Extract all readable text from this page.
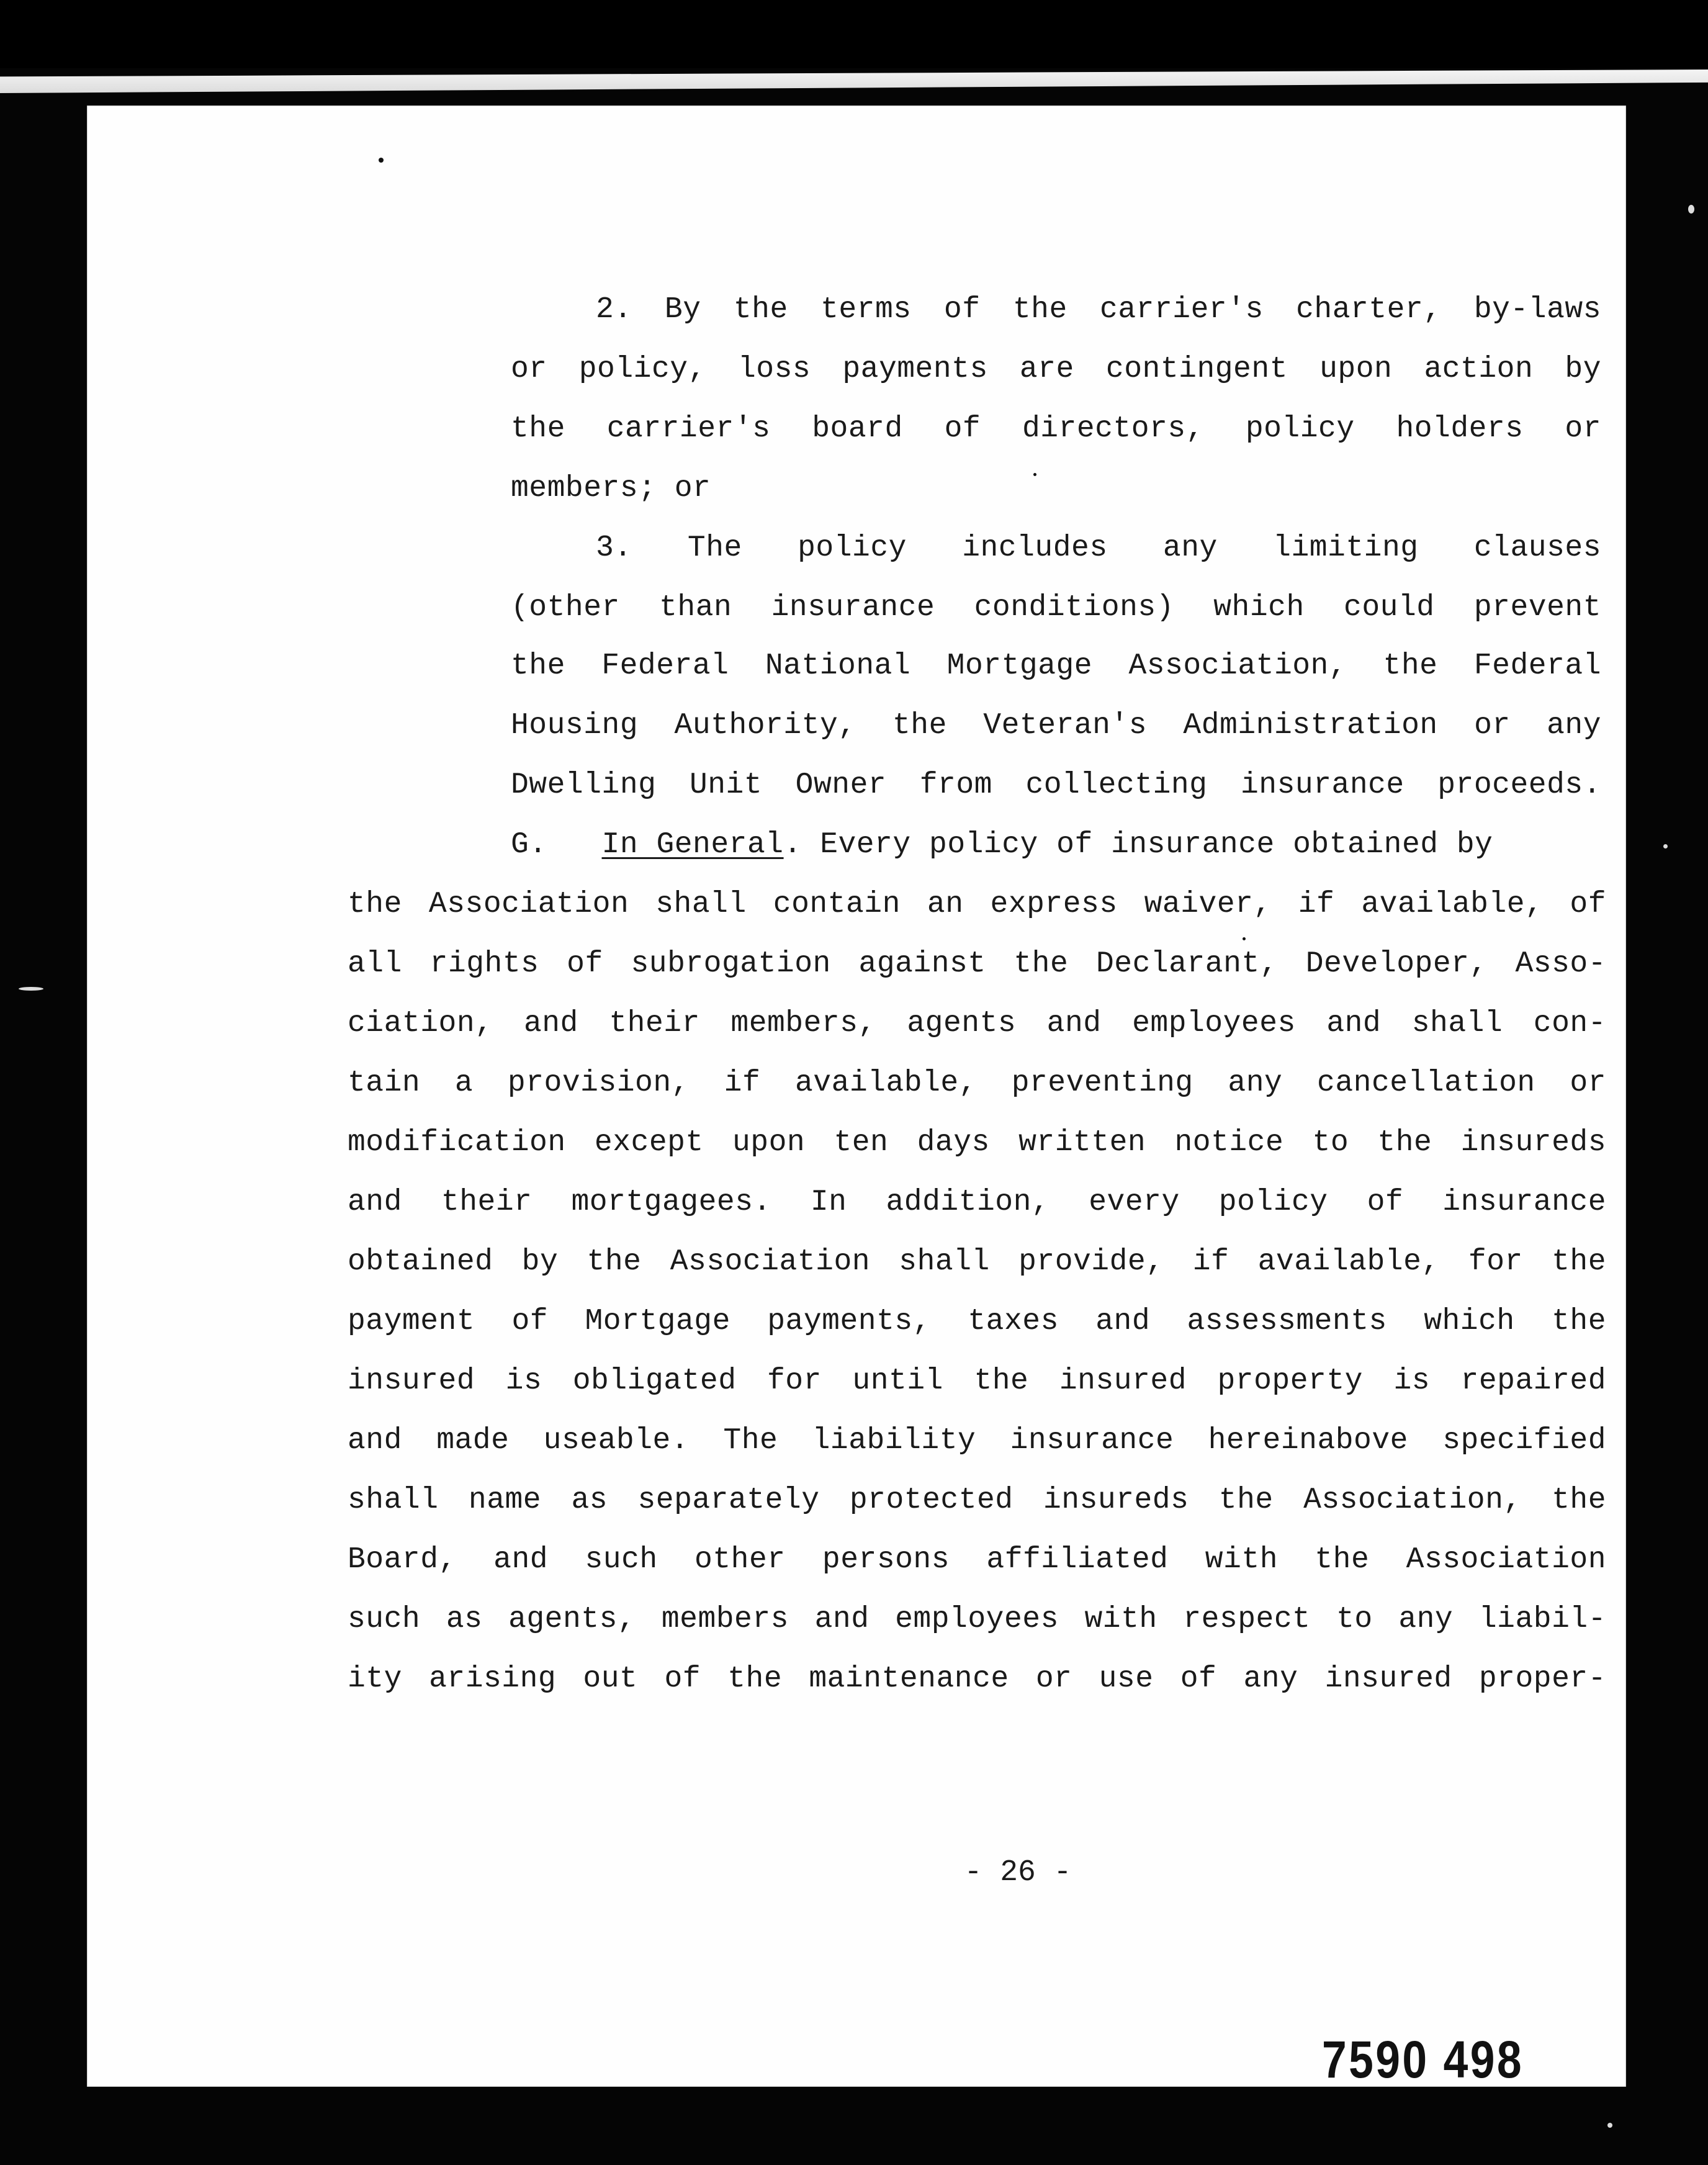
2. By the terms of the carrier's charter, by-laws
or policy, loss payments are contingent upon action by
the carrier's board of directors, policy holders or
members; or
3. The policy includes any limiting clauses
(other than insurance conditions) which could prevent
the Federal National Mortgage Association, the Federal
Housing Authority, the Veteran's Administration or any
Dwelling Unit Owner from collecting insurance proceeds.
G. In General. Every policy of insurance obtained by
the Association shall contain an express waiver, if available, of
all rights of subrogation against the Declarant, Developer, Asso-
ciation, and their members, agents and employees and shall con-
tain a provision, if available, preventing any cancellation or
modification except upon ten days written notice to the insureds
and their mortgagees. In addition, every policy of insurance
obtained by the Association shall provide, if available, for the
payment of Mortgage payments, taxes and assessments which the
insured is obligated for until the insured property is repaired
and made useable. The liability insurance hereinabove specified
shall name as separately protected insureds the Association, the
Board, and such other persons affiliated with the Association
such as agents, members and employees with respect to any liabil-
ity arising out of the maintenance or use of any insured proper-
- 26 -
7590 498
